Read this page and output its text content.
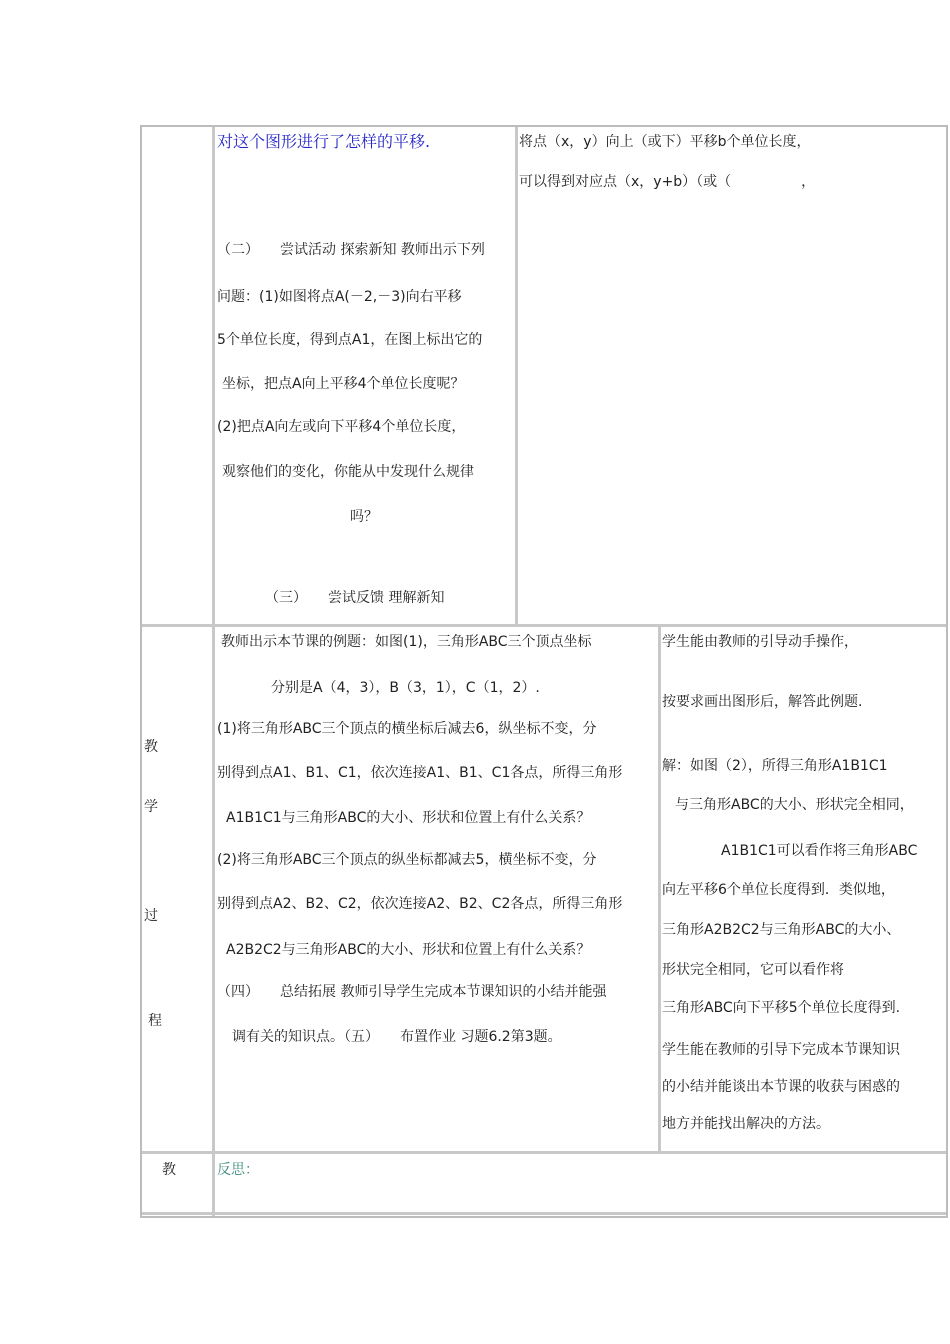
对这个图形进行了怎样的平移.
（二）　　尝试活动 探索新知 教师出示下列
问题：(1)如图将点A(－2,－3)向右平移
5个单位长度，得到点A1，在图上标出它的
坐标，把点A向上平移4个单位长度呢？
(2)把点A向左或向下平移4个单位长度，
观察他们的变化，你能从中发现什么规律
吗？
（三）　　尝试反馈 理解新知
将点（x，y）向上（或下）平移b个单位长度，
可以得到对应点（x，y+b）（或（　　　　　，
教
学
过
程
教师出示本节课的例题：如图(1)，三角形ABC三个顶点坐标
分别是A（4，3），B（3，1），C（1，2）.
(1)将三角形ABC三个顶点的横坐标后减去6，纵坐标不变，分
别得到点A1、B1、C1，依次连接A1、B1、C1各点，所得三角形
A1B1C1与三角形ABC的大小、形状和位置上有什么关系？
(2)将三角形ABC三个顶点的纵坐标都减去5，横坐标不变，分
别得到点A2、B2、C2，依次连接A2、B2、C2各点，所得三角形
A2B2C2与三角形ABC的大小、形状和位置上有什么关系？
（四）　　总结拓展 教师引导学生完成本节课知识的小结并能强
调有关的知识点。（五）　　布置作业 习题6.2第3题。
学生能由教师的引导动手操作，
按要求画出图形后，解答此例题.
解：如图（2），所得三角形A1B1C1
与三角形ABC的大小、形状完全相同，
A1B1C1可以看作将三角形ABC
向左平移6个单位长度得到．类似地，
三角形A2B2C2与三角形ABC的大小、
形状完全相同，它可以看作将
三角形ABC向下平移5个单位长度得到.
学生能在教师的引导下完成本节课知识
的小结并能谈出本节课的收获与困惑的
地方并能找出解决的方法。
教	反思：
